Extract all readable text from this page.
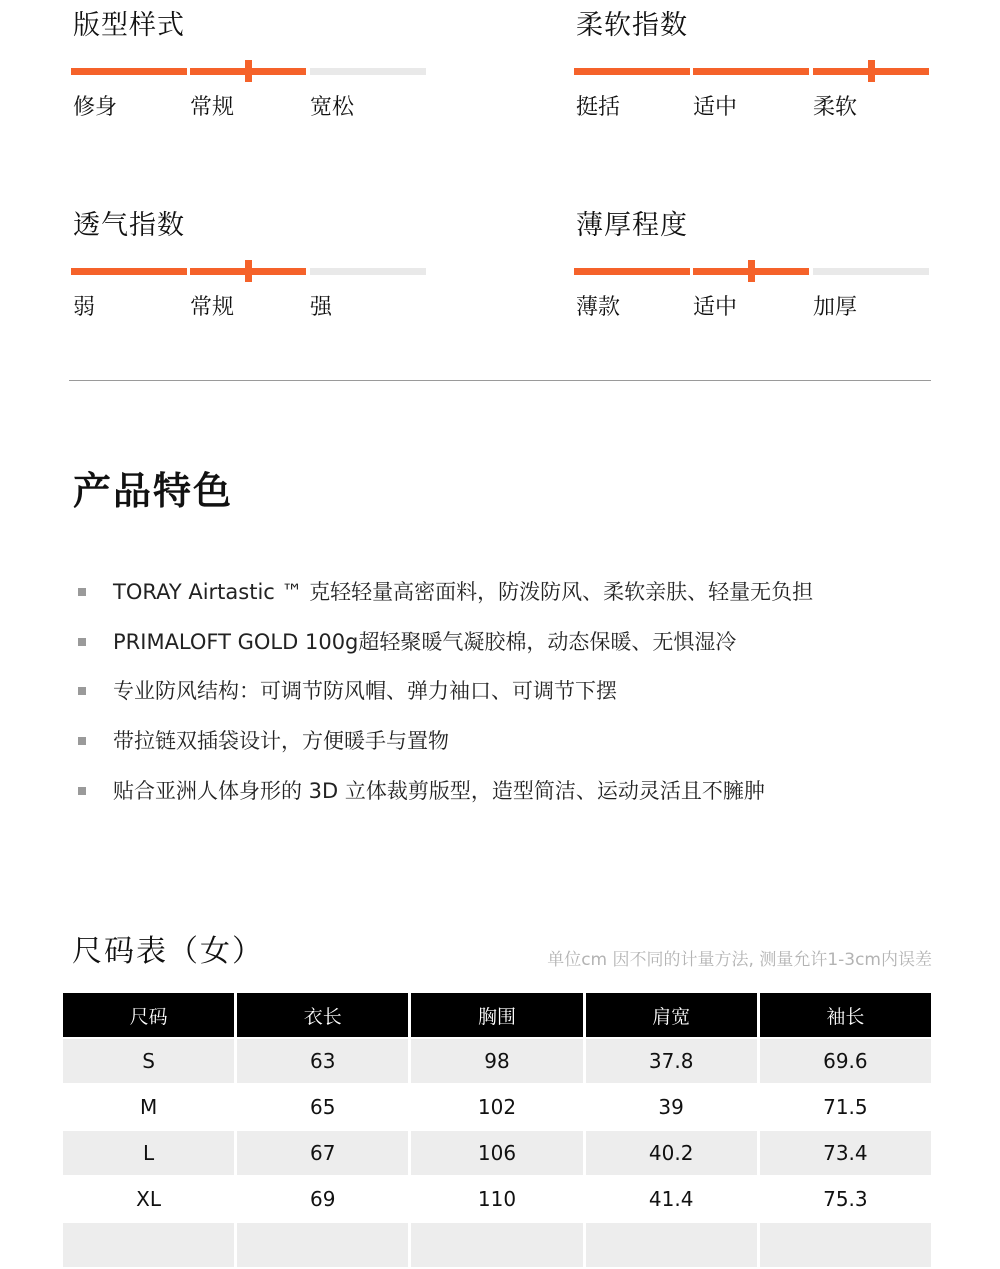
版型样式
修身	常规	宽松
柔软指数
挺括	适中	柔软
透气指数
弱	常规	强
薄厚程度
薄款	适中	加厚
产品特色
TORAY Airtastic ™ 克轻轻量高密面料，防泼防风、柔软亲肤、轻量无负担
PRIMALOFT GOLD 100g超轻聚暖气凝胶棉，动态保暖、无惧湿冷
专业防风结构：可调节防风帽、弹力袖口、可调节下摆
带拉链双插袋设计，方便暖手与置物
贴合亚洲人体身形的 3D 立体裁剪版型，造型简洁、运动灵活且不臃肿
尺码表（女）	单位cm 因不同的计量方法, 测量允许1-3cm内误差
尺码	衣长	胸围	肩宽	袖长
S	63	98	37.8	69.6
M	65	102	39	71.5
L	67	106	40.2	73.4
XL	69	110	41.4	75.3
